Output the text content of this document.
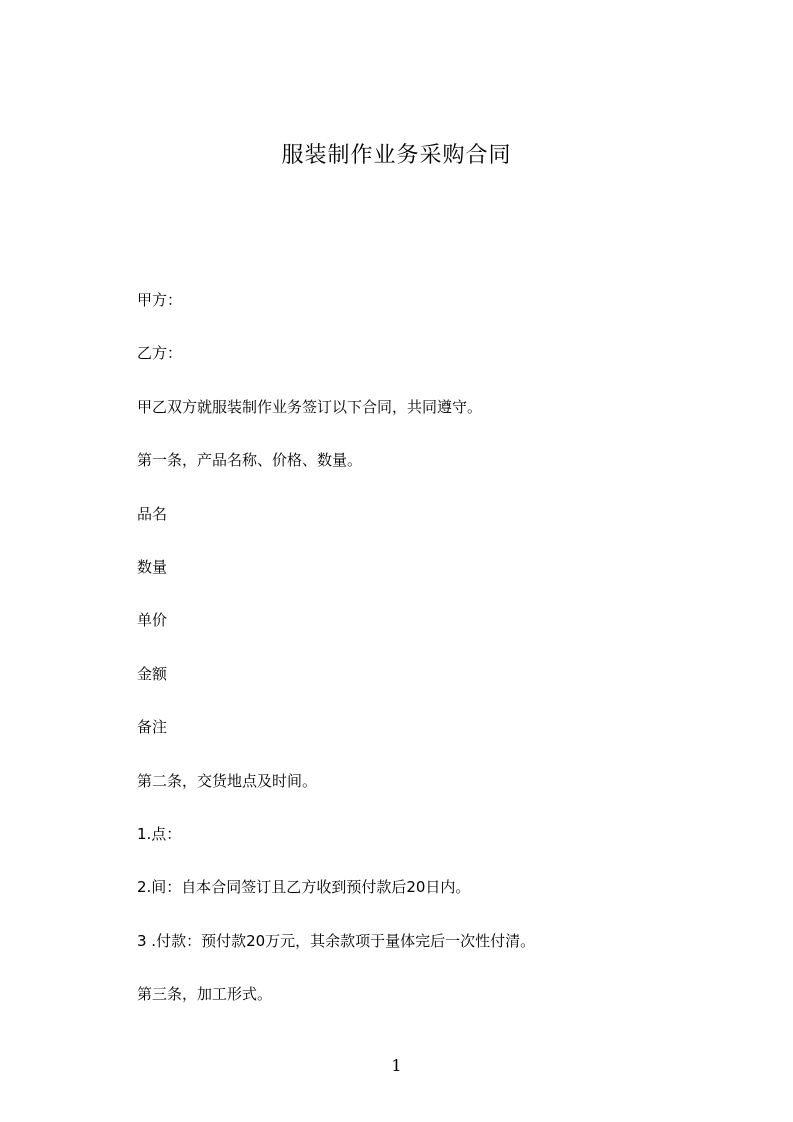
服装制作业务采购合同
甲方：
乙方：
甲乙双方就服装制作业务签订以下合同，共同遵守。
第一条，产品名称、价格、数量。
品名
数量
单价
金额
备注
第二条，交货地点及时间。
1.点：
2.间：自本合同签订且乙方收到预付款后20日内。
3 .付款：预付款20万元，其余款项于量体完后一次性付清。
第三条，加工形式。
1
